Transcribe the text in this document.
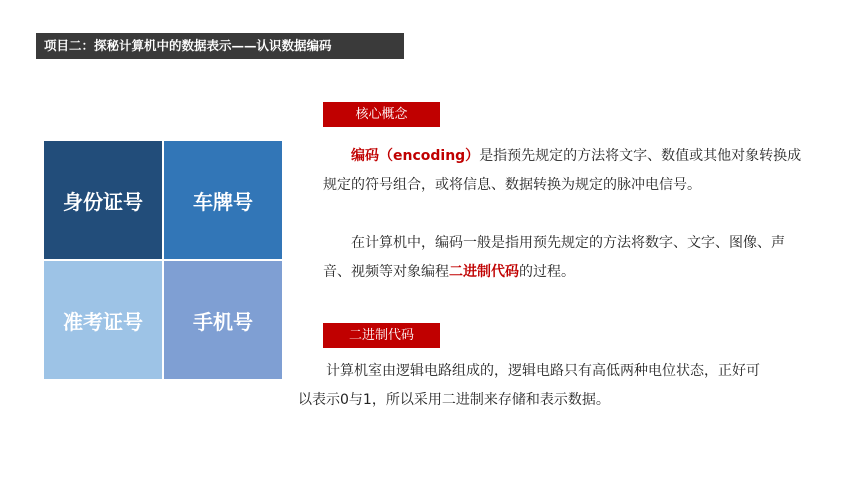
项目二：探秘计算机中的数据表示——认识数据编码
身份证号	车牌号
准考证号	手机号
核心概念
编码（encoding）是指预先规定的方法将文字、数值或其他对象转换成规定的符号组合，或将信息、数据转换为规定的脉冲电信号。
在计算机中，编码一般是指用预先规定的方法将数字、文字、图像、声音、视频等对象编程二进制代码的过程。
二进制代码
计算机室由逻辑电路组成的，逻辑电路只有高低两种电位状态，正好可以表示0与1，所以采用二进制来存储和表示数据。
